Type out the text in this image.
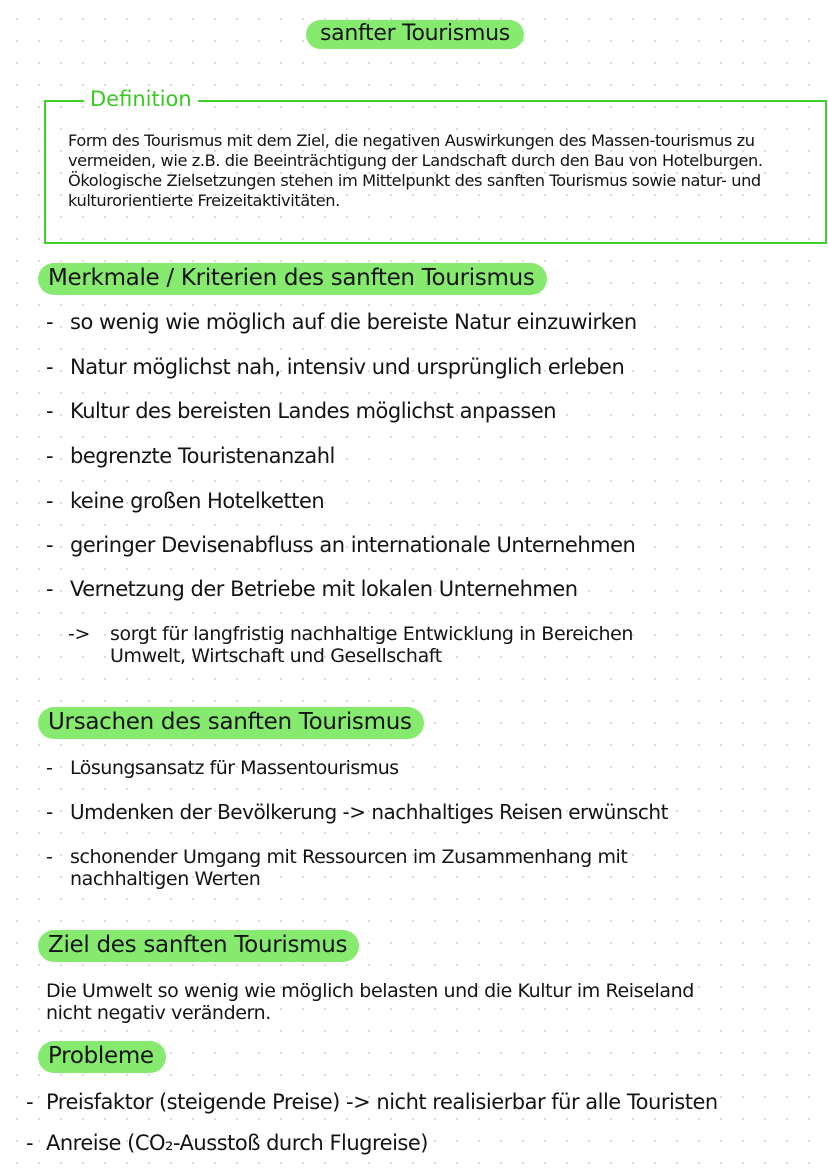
sanfter Tourismus
Definition
Form des Tourismus mit dem Ziel, die negativen Auswirkungen des Massen-tourismus zu vermeiden, wie z.B. die Beeinträchtigung der Landschaft durch den Bau von Hotelburgen. Ökologische Zielsetzungen stehen im Mittelpunkt des sanften Tourismus sowie natur- und kulturorientierte Freizeitaktivitäten.
Merkmale / Kriterien des sanften Tourismus
- so wenig wie möglich auf die bereiste Natur einzuwirken
- Natur möglichst nah, intensiv und ursprünglich erleben
- Kultur des bereisten Landes möglichst anpassen
- begrenzte Touristenanzahl
- keine großen Hotelketten
- geringer Devisenabfluss an internationale Unternehmen
- Vernetzung der Betriebe mit lokalen Unternehmen
-> sorgt für langfristig nachhaltige Entwicklung in Bereichen
Umwelt, Wirtschaft und Gesellschaft
Ursachen des sanften Tourismus
- Lösungsansatz für Massentourismus
- Umdenken der Bevölkerung -> nachhaltiges Reisen erwünscht
- schonender Umgang mit Ressourcen im Zusammenhang mit
nachhaltigen Werten
Ziel des sanften Tourismus
Die Umwelt so wenig wie möglich belasten und die Kultur im Reiseland
nicht negativ verändern.
Probleme
- Preisfaktor (steigende Preise) -> nicht realisierbar für alle Touristen
- Anreise (CO₂-Ausstoß durch Flugreise)
